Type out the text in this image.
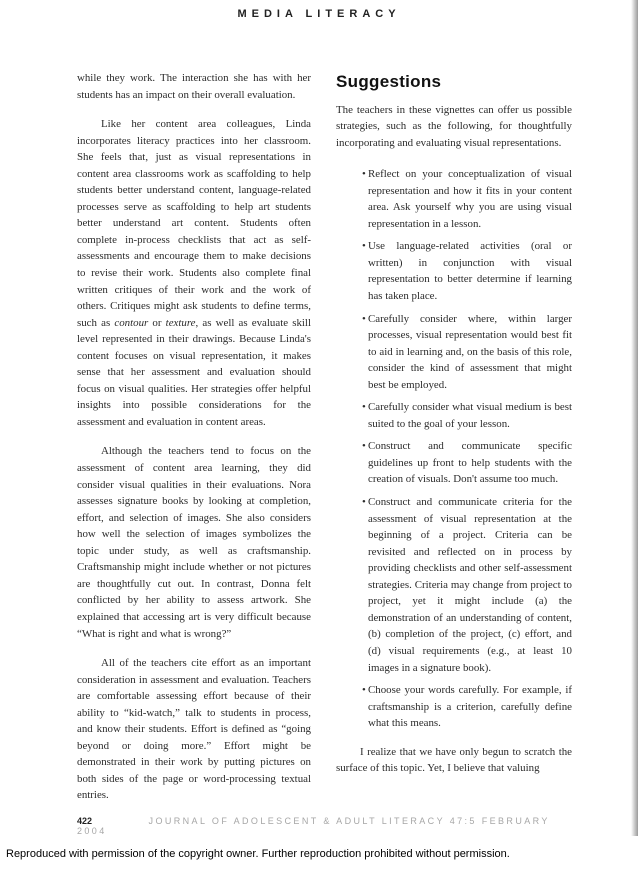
MEDIA LITERACY

while they work. The interaction she has with her students has an impact on their overall evaluation.

Like her content area colleagues, Linda incorporates literacy practices into her classroom. She feels that, just as visual representations in content area classrooms work as scaffolding to help students better understand content, language-related processes serve as scaffolding to help art students better understand art content. Students often complete in-process checklists that act as self-assessments and encourage them to make decisions to revise their work. Students also complete final written critiques of their work and the work of others. Critiques might ask students to define terms, such as contour or texture, as well as evaluate skill level represented in their drawings. Because Linda's content focuses on visual representation, it makes sense that her assessment and evaluation should focus on visual qualities. Her strategies offer helpful insights into possible considerations for the assessment and evaluation in content areas.

Although the teachers tend to focus on the assessment of content area learning, they did consider visual qualities in their evaluations. Nora assesses signature books by looking at completion, effort, and selection of images. She also considers how well the selection of images symbolizes the topic under study, as well as craftsmanship. Craftsmanship might include whether or not pictures are thoughtfully cut out. In contrast, Donna felt conflicted by her ability to assess artwork. She explained that accessing art is very difficult because “What is right and what is wrong?”

All of the teachers cite effort as an important consideration in assessment and evaluation. Teachers are comfortable assessing effort because of their ability to “kid-watch,” talk to students in process, and know their students. Effort is defined as “going beyond or doing more.” Effort might be demonstrated in their work by putting pictures on both sides of the page or word-processing textual entries.

Suggestions

The teachers in these vignettes can offer us possible strategies, such as the following, for thoughtfully incorporating and evaluating visual representations.

• Reflect on your conceptualization of visual representation and how it fits in your content area. Ask yourself why you are using visual representation in a lesson.
• Use language-related activities (oral or written) in conjunction with visual representation to better determine if learning has taken place.
• Carefully consider where, within larger processes, visual representation would best fit to aid in learning and, on the basis of this role, consider the kind of assessment that might best be employed.
• Carefully consider what visual medium is best suited to the goal of your lesson.
• Construct and communicate specific guidelines up front to help students with the creation of visuals. Don't assume too much.
• Construct and communicate criteria for the assessment of visual representation at the beginning of a project. Criteria can be revisited and reflected on in process by providing checklists and other self-assessment strategies. Criteria may change from project to project, yet it might include (a) the demonstration of an understanding of content, (b) completion of the project, (c) effort, and (d) visual requirements (e.g., at least 10 images in a signature book).
• Choose your words carefully. For example, if craftsmanship is a criterion, carefully define what this means.

I realize that we have only begun to scratch the surface of this topic. Yet, I believe that valuing

422	JOURNAL OF ADOLESCENT & ADULT LITERACY 47:5 FEBRUARY 2004
Reproduced with permission of the copyright owner. Further reproduction prohibited without permission.
